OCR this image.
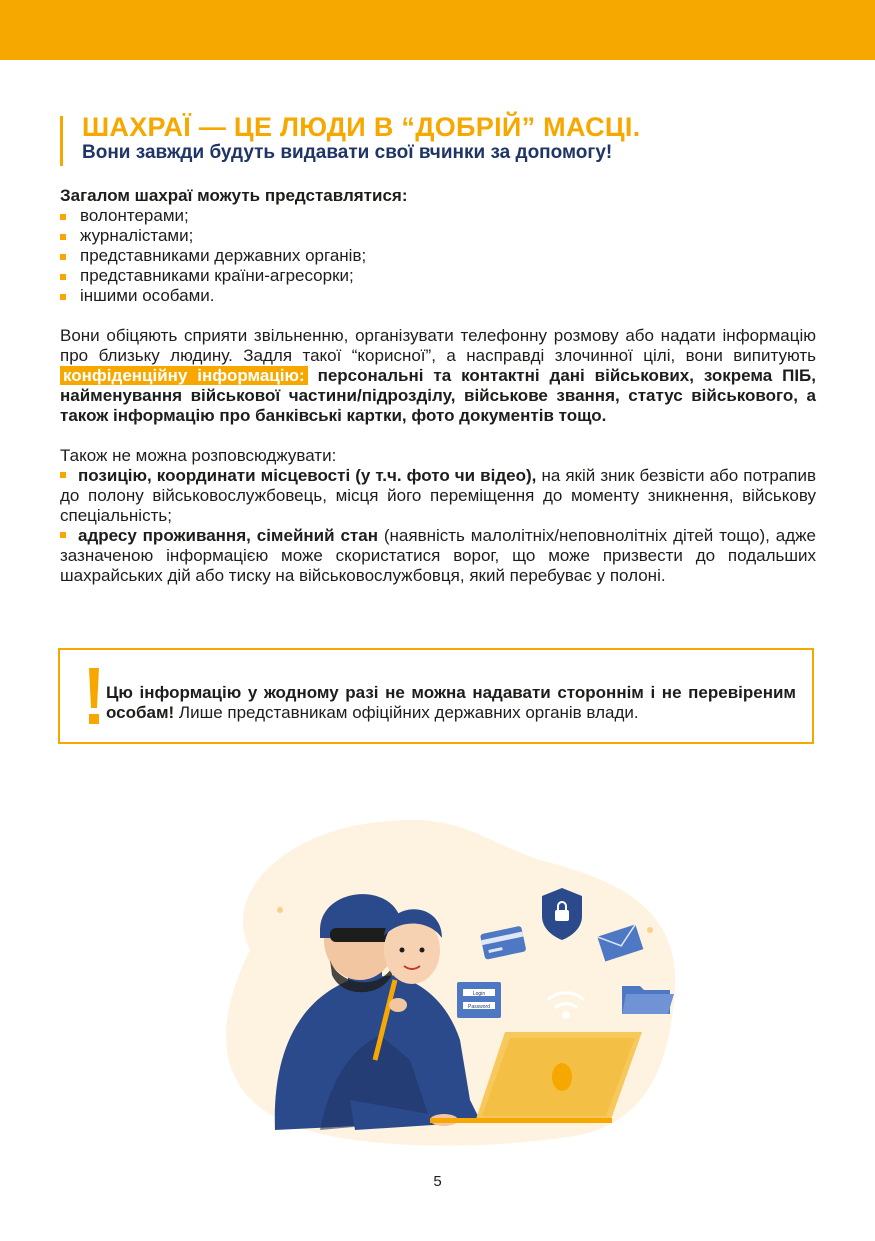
ШАХРАЇ — ЦЕ ЛЮДИ В “ДОБРІЙ” МАСЦІ.
Вони завжди будуть видавати свої вчинки за допомогу!

Загалом шахраї можуть представлятися:

волонтерами;
журналістами;
представниками державних органів;
представниками країни-агресорки;
іншими особами.

Вони обіцяють сприяти звільненню, організувати телефонну розмову або надати інформацію про близьку людину. Задля такої “корисної”, а насправді злочинної цілі, вони випитують конфіденційну інформацію: персональні та контактні дані військових, зокрема ПІБ, найменування військової частини/підрозділу, військове звання, статус військового, а також інформацію про банківські картки, фото документів тощо.

Також не можна розповсюджувати:

позицію, координати місцевості (у т.ч. фото чи відео), на якій зник безвісти або потрапив до полону військовослужбовець, місця його переміщення до моменту зникнення, військову спеціальність;

адресу проживання, сімейний стан (наявність малолітніх/неповнолітніх дітей тощо), адже зазначеною інформацією може скористатися ворог, що може призвести до подальших шахрайських дій або тиску на військовослужбовця, який перебуває у полоні.

Цю інформацію у жодному разі не можна надавати стороннім і не перевіреним особам! Лише представникам офіційних державних органів влади.

Login
Password
5
